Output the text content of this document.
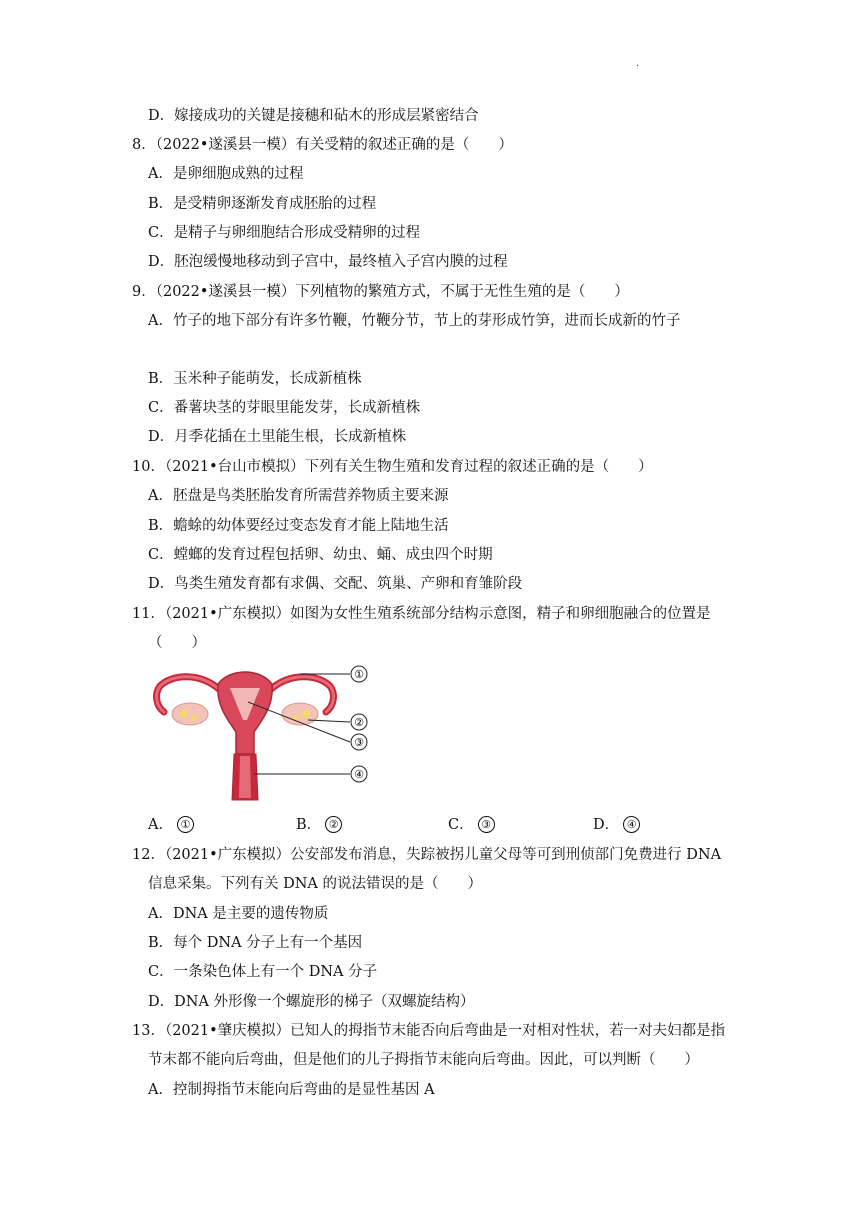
.
D．嫁接成功的关键是接穗和砧木的形成层紧密结合
8．（2022•遂溪县一模）有关受精的叙述正确的是（　　）
A．是卵细胞成熟的过程
B．是受精卵逐渐发育成胚胎的过程
C．是精子与卵细胞结合形成受精卵的过程
D．胚泡缓慢地移动到子宫中，最终植入子宫内膜的过程
9．（2022•遂溪县一模）下列植物的繁殖方式，不属于无性生殖的是（　　）
A．竹子的地下部分有许多竹鞭，竹鞭分节，节上的芽形成竹笋，进而长成新的竹子
B．玉米种子能萌发，长成新植株
C．番薯块茎的芽眼里能发芽，长成新植株
D．月季花插在土里能生根，长成新植株
10．（2021•台山市模拟）下列有关生物生殖和发育过程的叙述正确的是（　　）
A．胚盘是鸟类胚胎发育所需营养物质主要来源
B．蟾蜍的幼体要经过变态发育才能上陆地生活
C．螳螂的发育过程包括卵、幼虫、蛹、成虫四个时期
D．鸟类生殖发育都有求偶、交配、筑巢、产卵和育雏阶段
11．（2021•广东模拟）如图为女性生殖系统部分结构示意图，精子和卵细胞融合的位置是
（　　）
12．（2021•广东模拟）公安部发布消息，失踪被拐儿童父母等可到刑侦部门免费进行 DNA
信息采集。下列有关 DNA 的说法错误的是（　　）
A．DNA 是主要的遗传物质
B．每个 DNA 分子上有一个基因
C．一条染色体上有一个 DNA 分子
D．DNA 外形像一个螺旋形的梯子（双螺旋结构）
13．（2021•肇庆模拟）已知人的拇指节末能否向后弯曲是一对相对性状，若一对夫妇都是指
节末都不能向后弯曲，但是他们的儿子拇指节末能向后弯曲。因此，可以判断（　　）
A．控制拇指节末能向后弯曲的是显性基因 A
①
②
③
④
A． ①	B． ②	C． ③	D． ④
